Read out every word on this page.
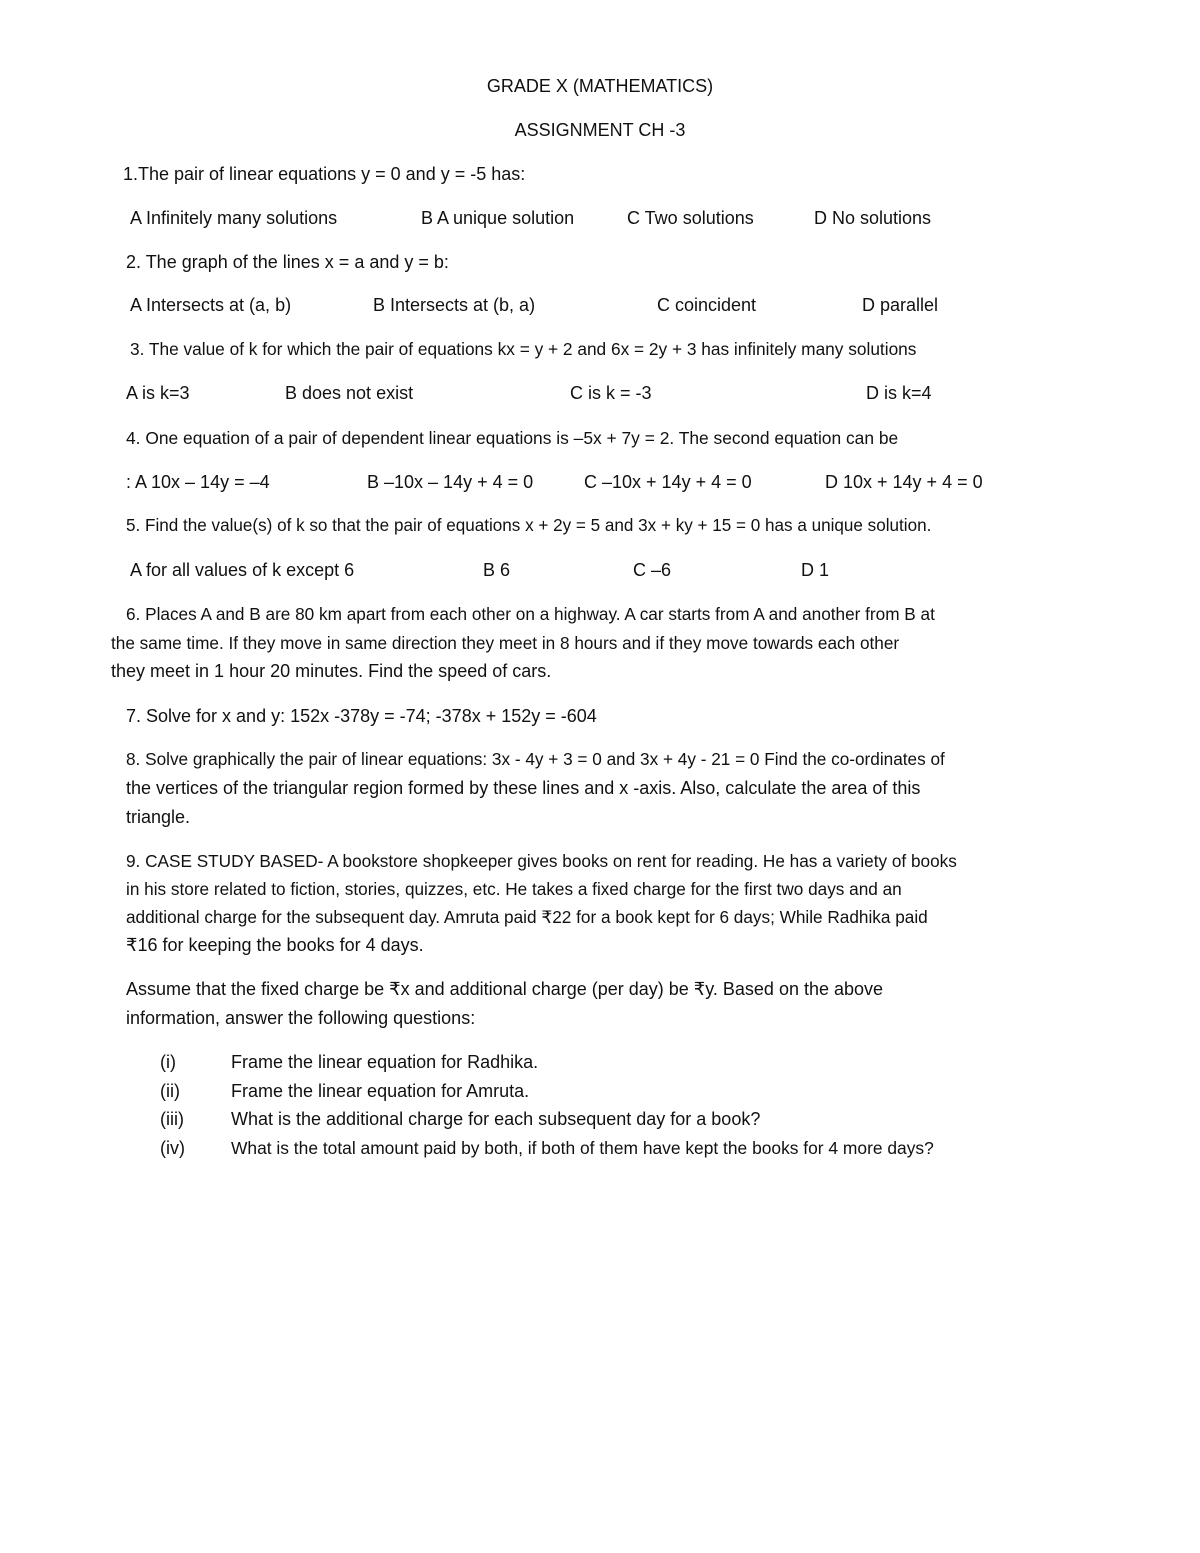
GRADE X (MATHEMATICS)
ASSIGNMENT CH -3
1.The pair of linear equations y = 0 and y = -5 has:
A Infinitely many solutions	B A unique solution	C Two solutions	D No solutions
2. The graph of the lines x = a and y = b:
A Intersects at (a, b)	B Intersects at (b, a)	C coincident	D parallel
3. The value of k for which the pair of equations kx = y + 2 and 6x = 2y + 3 has infinitely many solutions
A is k=3	B does not exist	C is k = -3	D is k=4
4. One equation of a pair of dependent linear equations is –5x + 7y = 2. The second equation can be
: A 10x – 14y = –4	B –10x – 14y + 4 = 0	C –10x + 14y + 4 = 0	D 10x + 14y + 4 = 0
5. Find the value(s) of k so that the pair of equations x + 2y = 5 and 3x + ky + 15 = 0 has a unique solution.
A for all values of k except 6	B 6	C –6	D 1
6. Places A and B are 80 km apart from each other on a highway. A car starts from A and another from B at
the same time. If they move in same direction they meet in 8 hours and if they move towards each other
they meet in 1 hour 20 minutes. Find the speed of cars.
7. Solve for x and y: 152x -378y = -74; -378x + 152y = -604
8. Solve graphically the pair of linear equations: 3x - 4y + 3 = 0 and 3x + 4y - 21 = 0 Find the co-ordinates of
the vertices of the triangular region formed by these lines and x -axis. Also, calculate the area of this
triangle.
9. CASE STUDY BASED- A bookstore shopkeeper gives books on rent for reading. He has a variety of books
in his store related to fiction, stories, quizzes, etc. He takes a fixed charge for the first two days and an
additional charge for the subsequent day. Amruta paid ₹22 for a book kept for 6 days; While Radhika paid
₹16 for keeping the books for 4 days.
Assume that the fixed charge be ₹x and additional charge (per day) be ₹y. Based on the above
information, answer the following questions:
(i)	Frame the linear equation for Radhika.
(ii)	Frame the linear equation for Amruta.
(iii)	What is the additional charge for each subsequent day for a book?
(iv)	What is the total amount paid by both, if both of them have kept the books for 4 more days?
